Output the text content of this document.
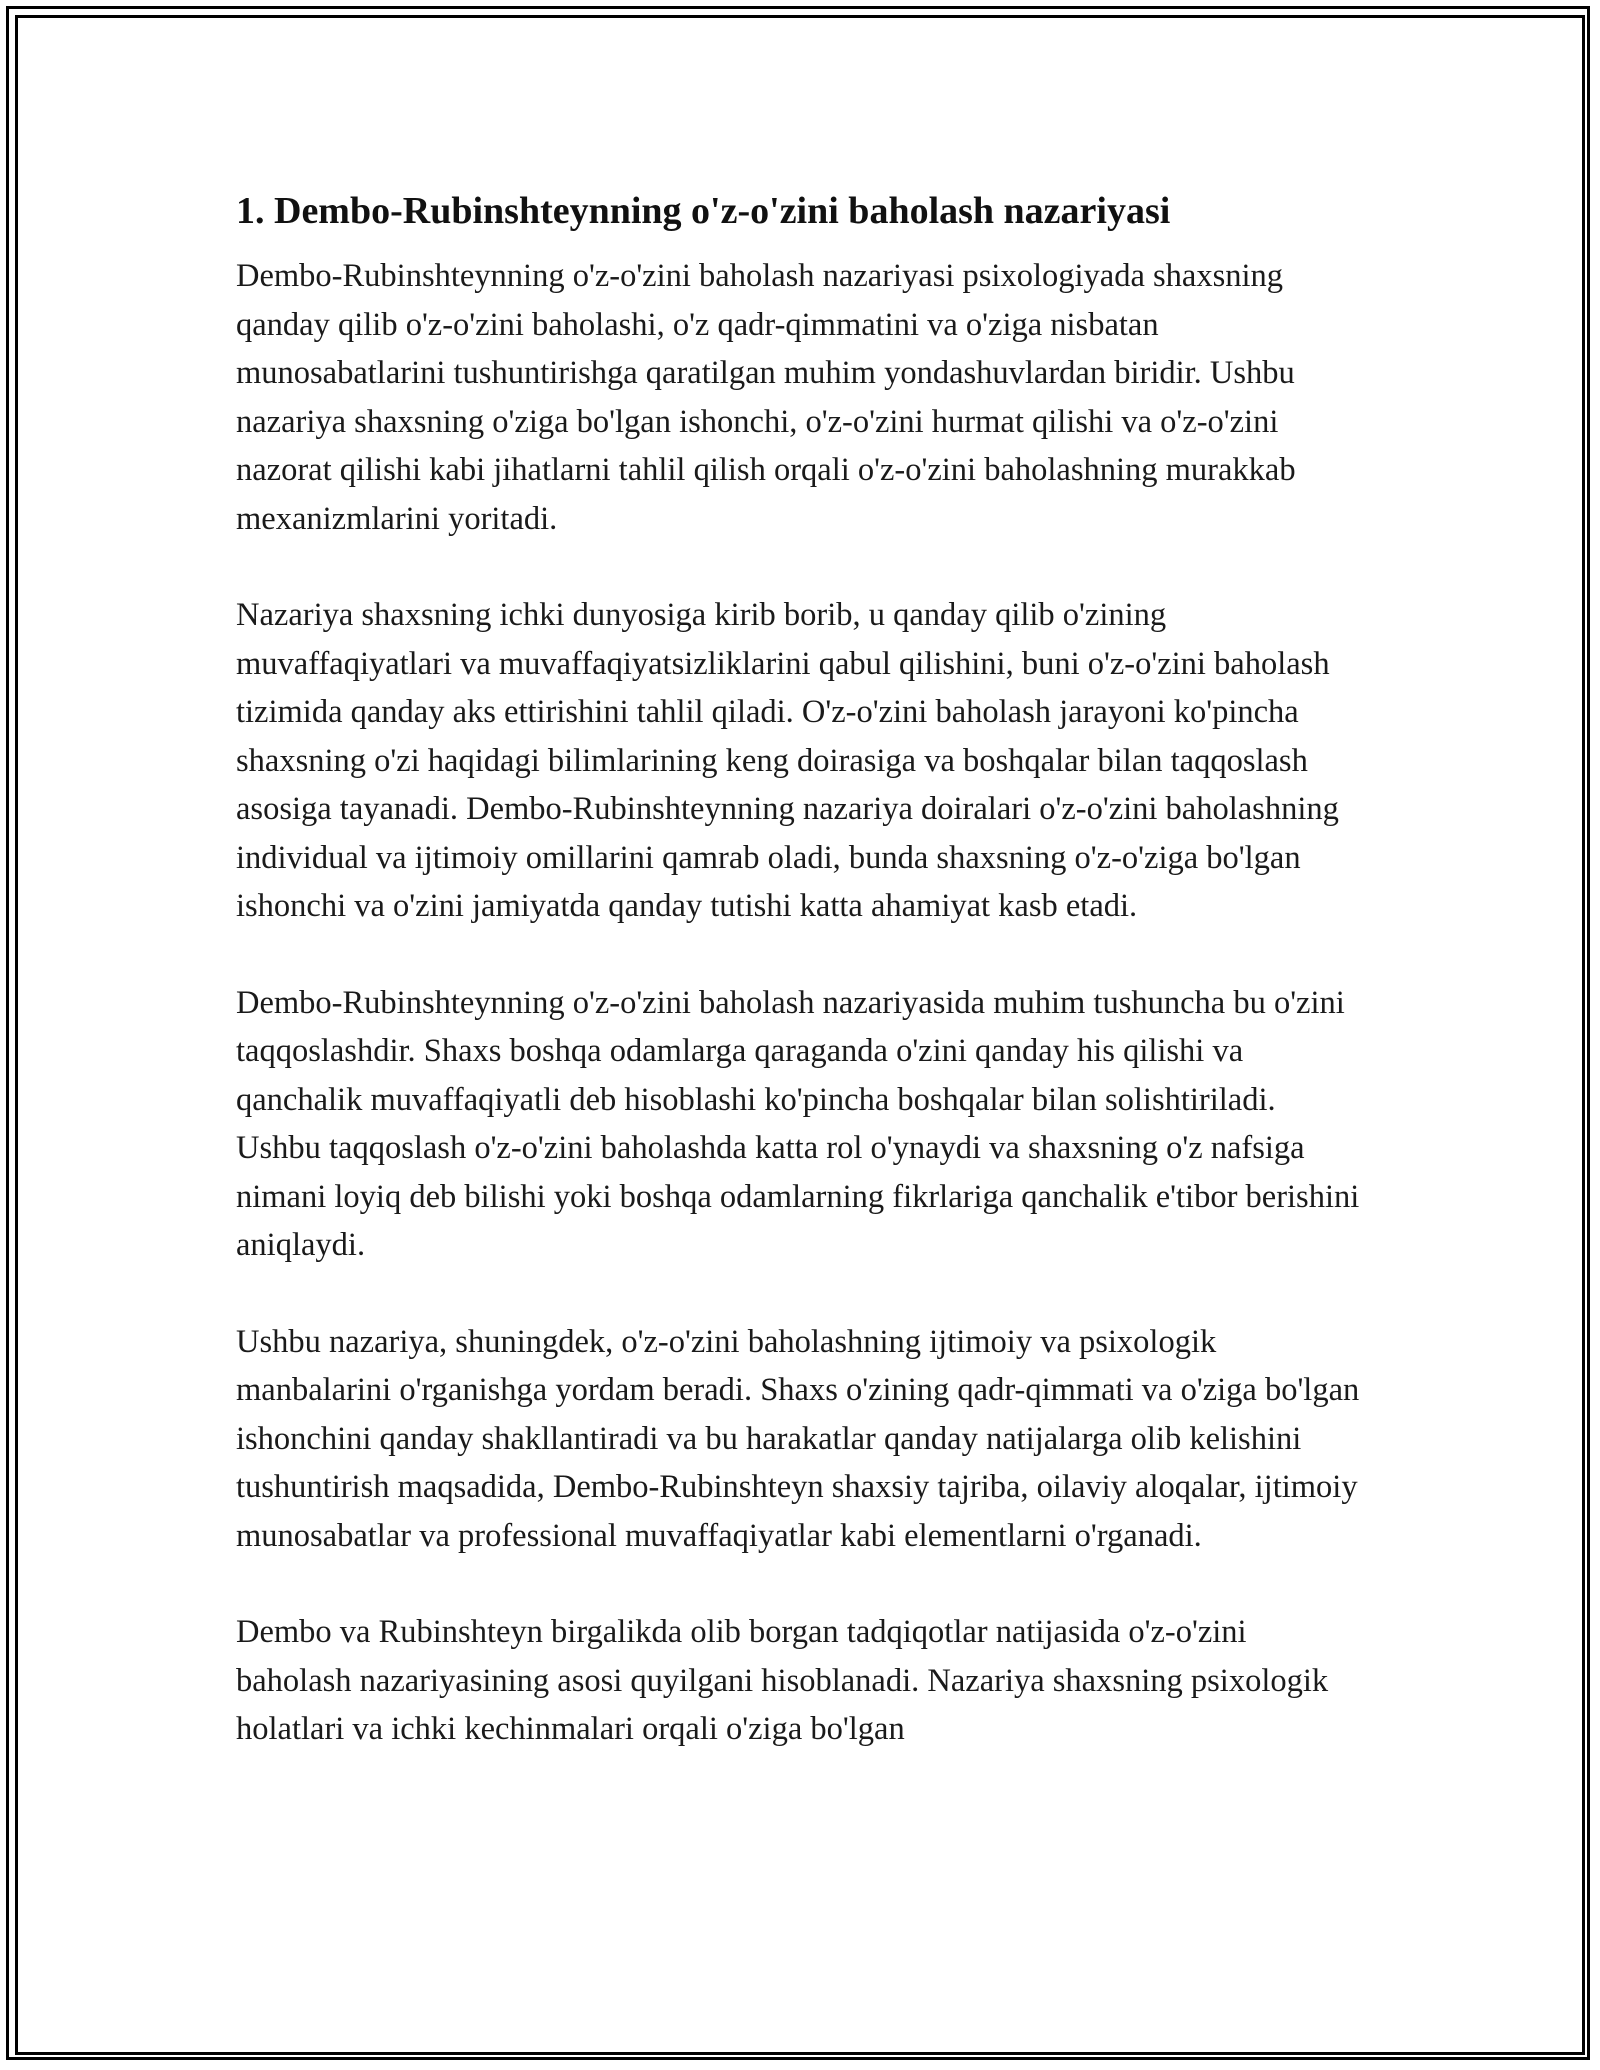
1. Dembo-Rubinshteynning o'z-o'zini baholash nazariyasi

Dembo-Rubinshteynning o'z-o'zini baholash nazariyasi psixologiyada shaxsning qanday qilib o'z-o'zini baholashi, o'z qadr-qimmatini va o'ziga nisbatan munosabatlarini tushuntirishga qaratilgan muhim yondashuvlardan biridir. Ushbu nazariya shaxsning o'ziga bo'lgan ishonchi, o'z-o'zini hurmat qilishi va o'z-o'zini nazorat qilishi kabi jihatlarni tahlil qilish orqali o'z-o'zini baholashning murakkab mexanizmlarini yoritadi.

Nazariya shaxsning ichki dunyosiga kirib borib, u qanday qilib o'zining muvaffaqiyatlari va muvaffaqiyatsizliklarini qabul qilishini, buni o'z-o'zini baholash tizimida qanday aks ettirishini tahlil qiladi. O'z-o'zini baholash jarayoni ko'pincha shaxsning o'zi haqidagi bilimlarining keng doirasiga va boshqalar bilan taqqoslash asosiga tayanadi. Dembo-Rubinshteynning nazariya doiralari o'z-o'zini baholashning individual va ijtimoiy omillarini qamrab oladi, bunda shaxsning o'z-o'ziga bo'lgan ishonchi va o'zini jamiyatda qanday tutishi katta ahamiyat kasb etadi.

Dembo-Rubinshteynning o'z-o'zini baholash nazariyasida muhim tushuncha bu o'zini taqqoslashdir. Shaxs boshqa odamlarga qaraganda o'zini qanday his qilishi va qanchalik muvaffaqiyatli deb hisoblashi ko'pincha boshqalar bilan solishtiriladi. Ushbu taqqoslash o'z-o'zini baholashda katta rol o'ynaydi va shaxsning o'z nafsiga nimani loyiq deb bilishi yoki boshqa odamlarning fikrlariga qanchalik e'tibor berishini aniqlaydi.

Ushbu nazariya, shuningdek, o'z-o'zini baholashning ijtimoiy va psixologik manbalarini o'rganishga yordam beradi. Shaxs o'zining qadr-qimmati va o'ziga bo'lgan ishonchini qanday shakllantiradi va bu harakatlar qanday natijalarga olib kelishini tushuntirish maqsadida, Dembo-Rubinshteyn shaxsiy tajriba, oilaviy aloqalar, ijtimoiy munosabatlar va professional muvaffaqiyatlar kabi elementlarni o'rganadi.

Dembo va Rubinshteyn birgalikda olib borgan tadqiqotlar natijasida o'z-o'zini baholash nazariyasining asosi quyilgani hisoblanadi. Nazariya shaxsning psixologik holatlari va ichki kechinmalari orqali o'ziga bo'lgan
